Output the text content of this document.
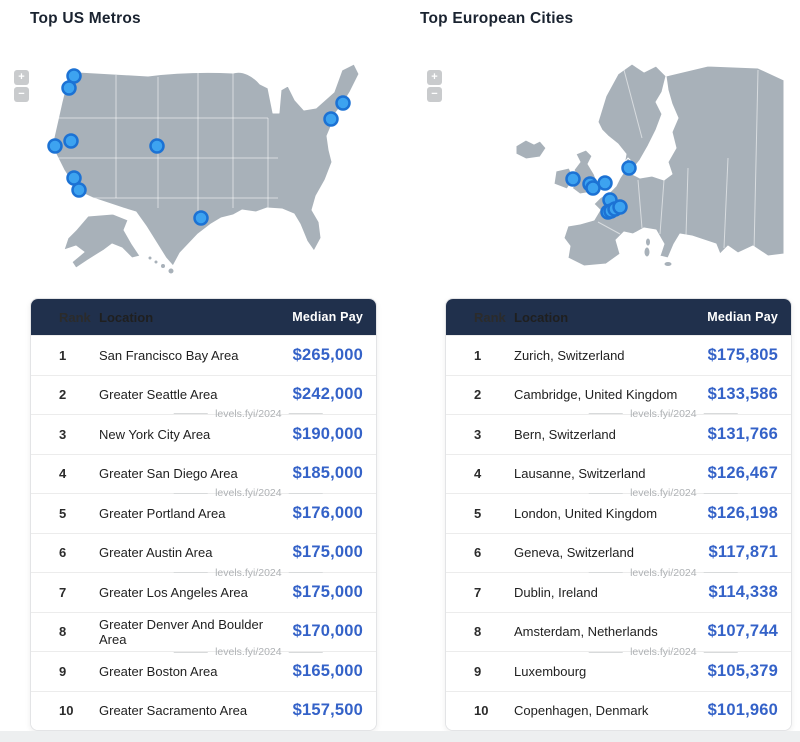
Top US Metros
+
−
Rank Location	Median Pay
1	San Francisco Bay Area	$265,000
2	Greater Seattle Area	$242,000
3	New York City Area	$190,000
4	Greater San Diego Area	$185,000
5	Greater Portland Area	$176,000
6	Greater Austin Area	$175,000
7	Greater Los Angeles Area	$175,000
8	Greater Denver And Boulder Area	$170,000
9	Greater Boston Area	$165,000
10	Greater Sacramento Area	$157,500
levels.fyi/2024
levels.fyi/2024
levels.fyi/2024
levels.fyi/2024
Top European Cities
+
−
Rank Location	Median Pay
1	Zurich, Switzerland	$175,805
2	Cambridge, United Kingdom $133,586
3	Bern, Switzerland	$131,766
4	Lausanne, Switzerland	$126,467
5	London, United Kingdom	$126,198
6	Geneva, Switzerland	$117,871
7	Dublin, Ireland	$114,338
8	Amsterdam, Netherlands	$107,744
9	Luxembourg	$105,379
10	Copenhagen, Denmark	$101,960
levels.fyi/2024
levels.fyi/2024
levels.fyi/2024
levels.fyi/2024
